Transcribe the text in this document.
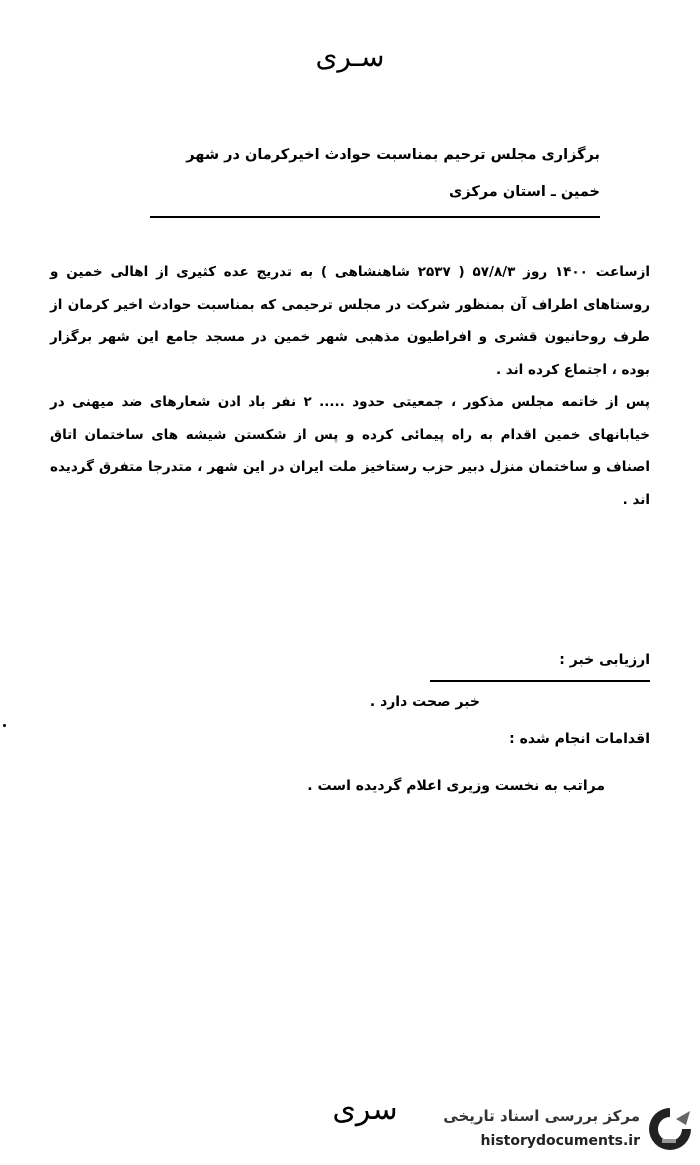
سـری
برگزاری مجلس ترحیم بمناسبت حوادث اخیرکرمان در شهر
خمین ـ استان مرکزی

ازساعت ۱۴۰۰ روز ۵۷/۸/۳ ( ۲۵۳۷ شاهنشاهی ) به تدریج عده کثیری از اهالی خمین و روستاهای اطراف آن بمنظور شرکت در مجلس ترحیمی که بمناسبت حوادث اخیر کرمان از طرف روحانیون قشری و افراطیون مذهبی شهر خمین در مسجد جامع این شهر برگزار بوده ، اجتماع کرده اند .

پس از خاتمه مجلس مذکور ، جمعیتی حدود ..... ۲ نفر باد ادن شعارهای ضد میهنی در خیابانهای خمین اقدام به راه پیمائی کرده و پس از شکستن شیشه های ساختمان اتاق اصناف و ساختمان منزل دبیر حزب رستاخیز ملت ایران در این شهر ، متدرجا متفرق گردیده اند .

ارزیابی خبر :
خبر صحت دارد .
اقدامات انجام شده :
مراتب به نخست وزیری اعلام گردیده است .
سری	مرکز بررسی اسناد تاریخی
historydocuments.ir
